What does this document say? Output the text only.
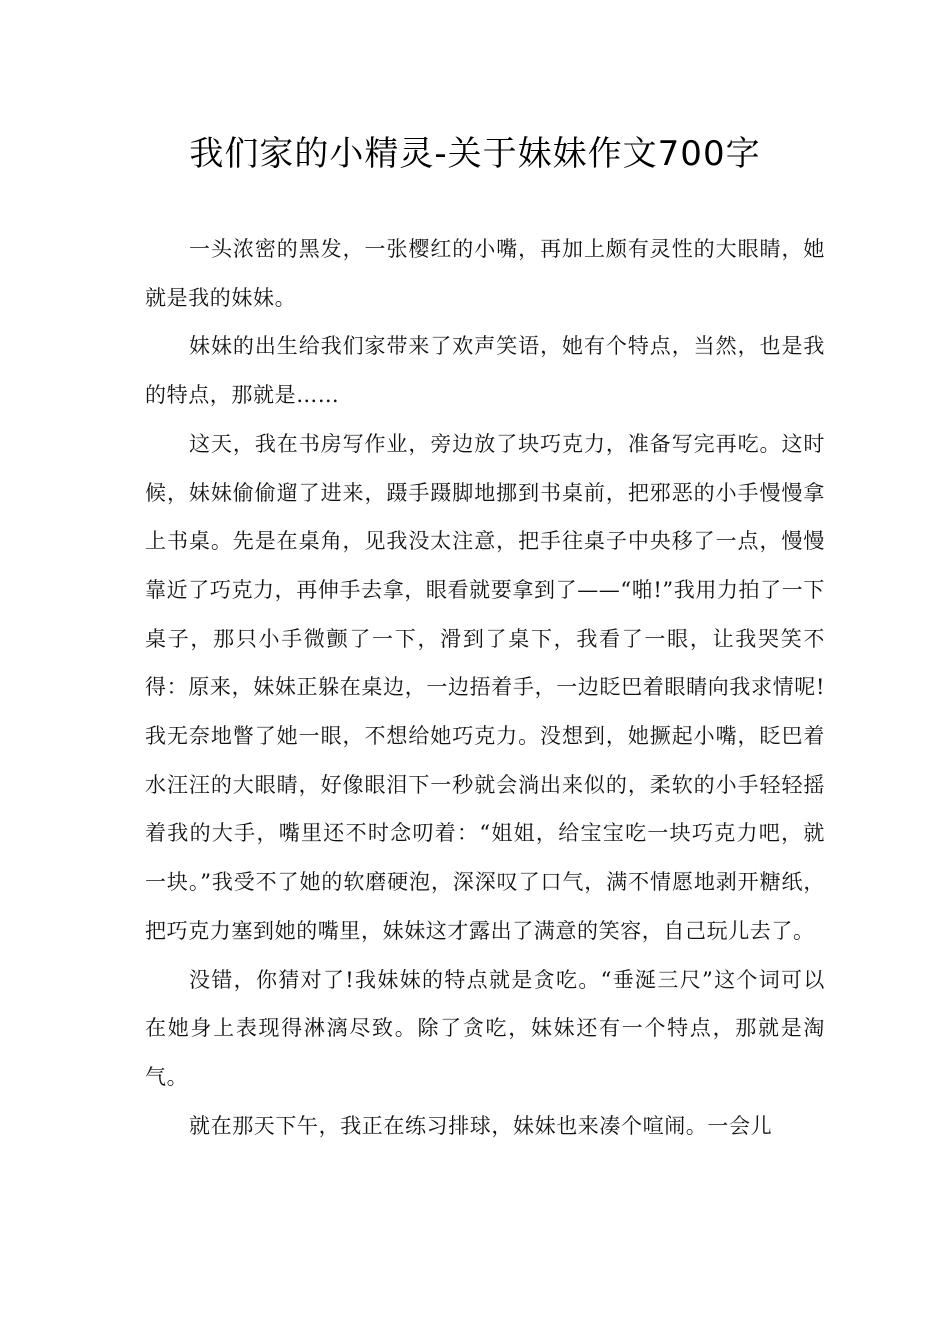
我们家的小精灵-关于妹妹作文700字

一头浓密的黑发，一张樱红的小嘴，再加上颇有灵性的大眼睛，她就是我的妹妹。

妹妹的出生给我们家带来了欢声笑语，她有个特点，当然，也是我的特点，那就是……

这天，我在书房写作业，旁边放了块巧克力，准备写完再吃。这时候，妹妹偷偷遛了进来，蹑手蹑脚地挪到书桌前，把邪恶的小手慢慢拿上书桌。先是在桌角，见我没太注意，把手往桌子中央移了一点，慢慢靠近了巧克力，再伸手去拿，眼看就要拿到了——“啪!”我用力拍了一下桌子，那只小手微颤了一下，滑到了桌下，我看了一眼，让我哭笑不得：原来，妹妹正躲在桌边，一边捂着手，一边眨巴着眼睛向我求情呢!我无奈地瞥了她一眼，不想给她巧克力。没想到，她撅起小嘴，眨巴着水汪汪的大眼睛，好像眼泪下一秒就会淌出来似的，柔软的小手轻轻摇着我的大手，嘴里还不时念叨着：“姐姐，给宝宝吃一块巧克力吧，就一块。”我受不了她的软磨硬泡，深深叹了口气，满不情愿地剥开糖纸，把巧克力塞到她的嘴里，妹妹这才露出了满意的笑容，自己玩儿去了。

没错，你猜对了!我妹妹的特点就是贪吃。“垂涎三尺”这个词可以在她身上表现得淋漓尽致。除了贪吃，妹妹还有一个特点，那就是淘气。

就在那天下午，我正在练习排球，妹妹也来凑个喧闹。一会儿
